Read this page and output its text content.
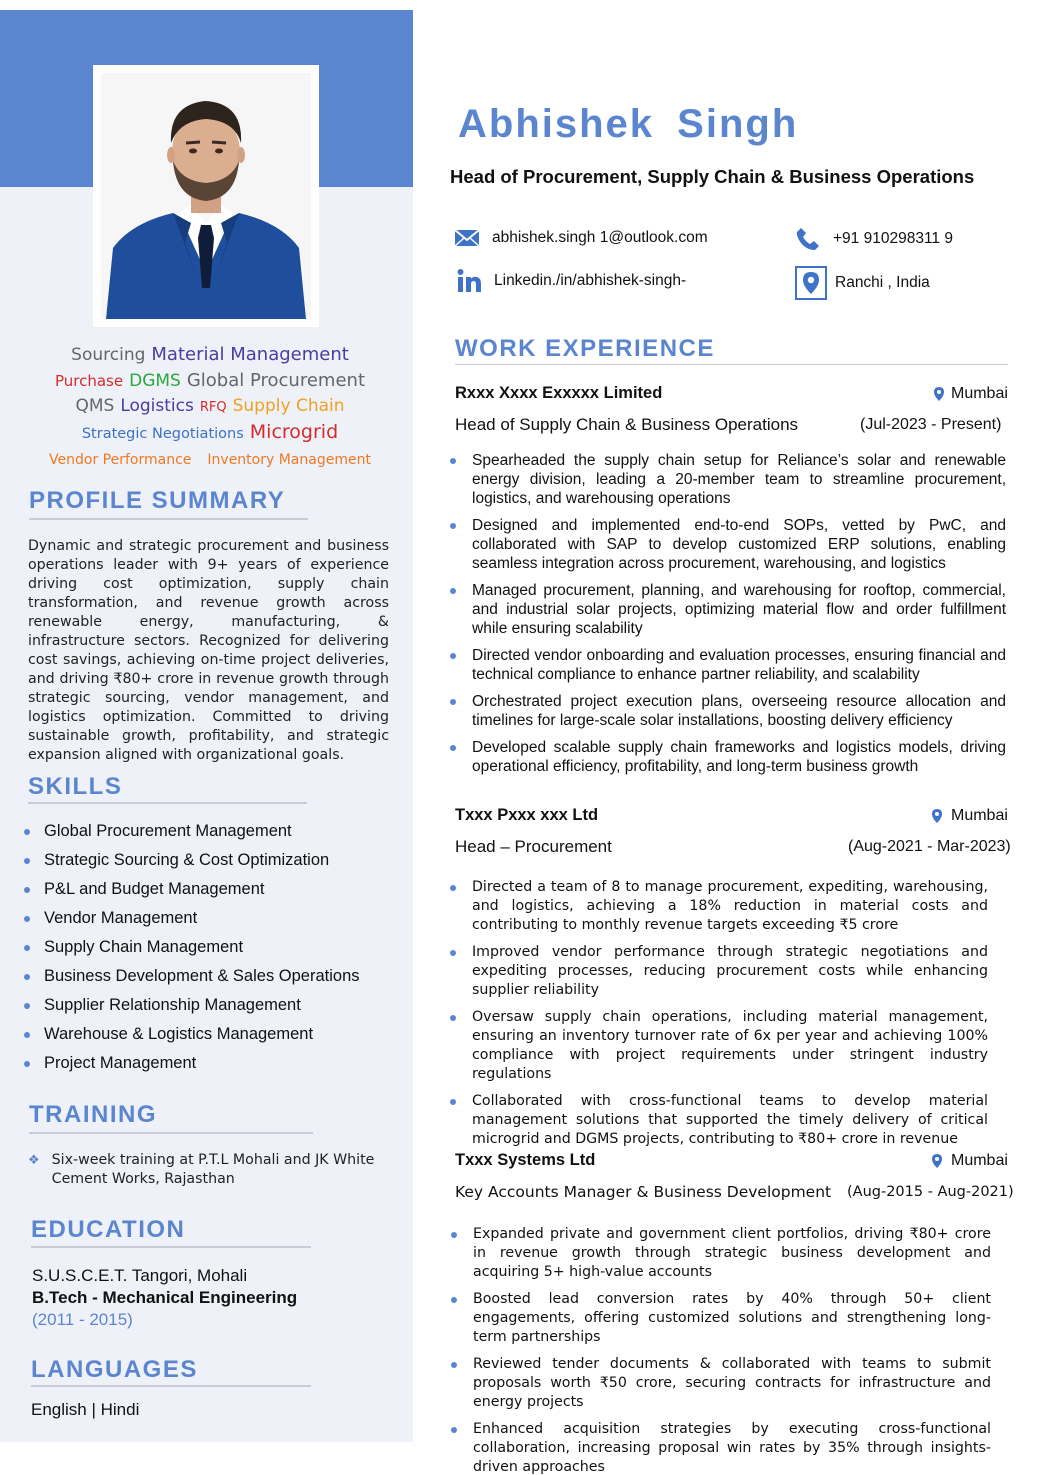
Sourcing Material Management
Purchase DGMS Global Procurement
QMS Logistics RFQ Supply Chain
Strategic Negotiations Microgrid
Vendor Performance Inventory Management
PROFILE SUMMARY
Dynamic and strategic procurement and business operations leader with 9+ years of experience driving cost optimization, supply chain transformation, and revenue growth across renewable energy, manufacturing, & infrastructure sectors. Recognized for delivering cost savings, achieving on-time project deliveries, and driving ₹80+ crore in revenue growth through strategic sourcing, vendor management, and logistics optimization. Committed to driving sustainable growth, profitability, and strategic expansion aligned with organizational goals.
SKILLS
Global Procurement Management
Strategic Sourcing & Cost Optimization
P&L and Budget Management
Vendor Management
Supply Chain Management
Business Development & Sales Operations
Supplier Relationship Management
Warehouse & Logistics Management
Project Management
TRAINING
❖ Six-week training at P.T.L Mohali and JK White Cement Works, Rajasthan
EDUCATION
S.U.S.C.E.T. Tangori, Mohali
B.Tech - Mechanical Engineering
(2011 - 2015)
LANGUAGES
English | Hindi
Abhishek Singh
Head of Procurement, Supply Chain & Business Operations
abhishek.singh 1@outlook.com	+91 910298311 9
Linkedin./in/abhishek-singh-	Ranchi , India
WORK EXPERIENCE
Rxxx Xxxx Exxxxx Limited	Mumbai
Head of Supply Chain & Business Operations	(Jul-2023 - Present)
Spearheaded the supply chain setup for Reliance’s solar and renewable energy division, leading a 20-member team to streamline procurement, logistics, and warehousing operations
Designed and implemented end-to-end SOPs, vetted by PwC, and collaborated with SAP to develop customized ERP solutions, enabling seamless integration across procurement, warehousing, and logistics
Managed procurement, planning, and warehousing for rooftop, commercial, and industrial solar projects, optimizing material flow and order fulfillment while ensuring scalability
Directed vendor onboarding and evaluation processes, ensuring financial and technical compliance to enhance partner reliability, and scalability
Orchestrated project execution plans, overseeing resource allocation and timelines for large-scale solar installations, boosting delivery efficiency
Developed scalable supply chain frameworks and logistics models, driving operational efficiency, profitability, and long-term business growth
Txxx Pxxx xxx Ltd	Mumbai
Head – Procurement	(Aug-2021 - Mar-2023)
Directed a team of 8 to manage procurement, expediting, warehousing, and logistics, achieving a 18% reduction in material costs and contributing to monthly revenue targets exceeding ₹5 crore
Improved vendor performance through strategic negotiations and expediting processes, reducing procurement costs while enhancing supplier reliability
Oversaw supply chain operations, including material management, ensuring an inventory turnover rate of 6x per year and achieving 100% compliance with project requirements under stringent industry regulations
Collaborated with cross-functional teams to develop material management solutions that supported the timely delivery of critical microgrid and DGMS projects, contributing to ₹80+ crore in revenue
Txxx Systems Ltd	Mumbai
Key Accounts Manager & Business Development (Aug-2015 - Aug-2021)
Expanded private and government client portfolios, driving ₹80+ crore in revenue growth through strategic business development and acquiring 5+ high-value accounts
Boosted lead conversion rates by 40% through 50+ client engagements, offering customized solutions and strengthening long-term partnerships
Reviewed tender documents & collaborated with teams to submit proposals worth ₹50 crore, securing contracts for infrastructure and energy projects
Enhanced acquisition strategies by executing cross-functional collaboration, increasing proposal win rates by 35% through insights-driven approaches
